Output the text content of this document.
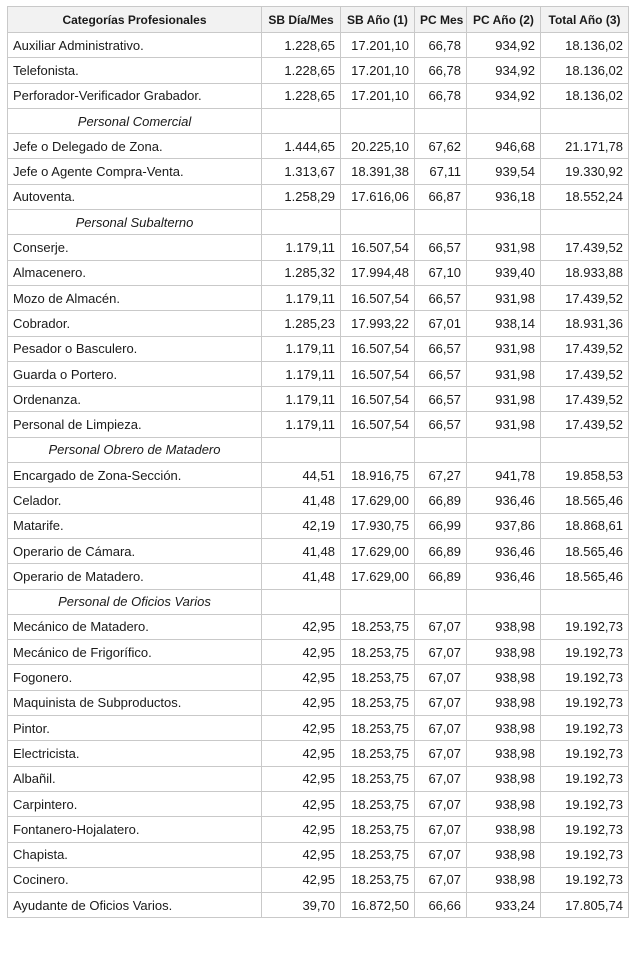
Categorías Profesionales	SB Día/Mes	SB Año (1)	PC Mes	PC Año (2)	Total Año (3)
Auxiliar Administrativo.	1.228,65	17.201,10	66,78	934,92	18.136,02
Telefonista.	1.228,65	17.201,10	66,78	934,92	18.136,02
Perforador-Verificador Grabador.	1.228,65	17.201,10	66,78	934,92	18.136,02
Personal Comercial					
Jefe o Delegado de Zona.	1.444,65	20.225,10	67,62	946,68	21.171,78
Jefe o Agente Compra-Venta.	1.313,67	18.391,38	67,11	939,54	19.330,92
Autoventa.	1.258,29	17.616,06	66,87	936,18	18.552,24
Personal Subalterno					
Conserje.	1.179,11	16.507,54	66,57	931,98	17.439,52
Almacenero.	1.285,32	17.994,48	67,10	939,40	18.933,88
Mozo de Almacén.	1.179,11	16.507,54	66,57	931,98	17.439,52
Cobrador.	1.285,23	17.993,22	67,01	938,14	18.931,36
Pesador o Basculero.	1.179,11	16.507,54	66,57	931,98	17.439,52
Guarda o Portero.	1.179,11	16.507,54	66,57	931,98	17.439,52
Ordenanza.	1.179,11	16.507,54	66,57	931,98	17.439,52
Personal de Limpieza.	1.179,11	16.507,54	66,57	931,98	17.439,52
Personal Obrero de Matadero					
Encargado de Zona-Sección.	44,51	18.916,75	67,27	941,78	19.858,53
Celador.	41,48	17.629,00	66,89	936,46	18.565,46
Matarife.	42,19	17.930,75	66,99	937,86	18.868,61
Operario de Cámara.	41,48	17.629,00	66,89	936,46	18.565,46
Operario de Matadero.	41,48	17.629,00	66,89	936,46	18.565,46
Personal de Oficios Varios					
Mecánico de Matadero.	42,95	18.253,75	67,07	938,98	19.192,73
Mecánico de Frigorífico.	42,95	18.253,75	67,07	938,98	19.192,73
Fogonero.	42,95	18.253,75	67,07	938,98	19.192,73
Maquinista de Subproductos.	42,95	18.253,75	67,07	938,98	19.192,73
Pintor.	42,95	18.253,75	67,07	938,98	19.192,73
Electricista.	42,95	18.253,75	67,07	938,98	19.192,73
Albañil.	42,95	18.253,75	67,07	938,98	19.192,73
Carpintero.	42,95	18.253,75	67,07	938,98	19.192,73
Fontanero-Hojalatero.	42,95	18.253,75	67,07	938,98	19.192,73
Chapista.	42,95	18.253,75	67,07	938,98	19.192,73
Cocinero.	42,95	18.253,75	67,07	938,98	19.192,73
Ayudante de Oficios Varios.	39,70	16.872,50	66,66	933,24	17.805,74
